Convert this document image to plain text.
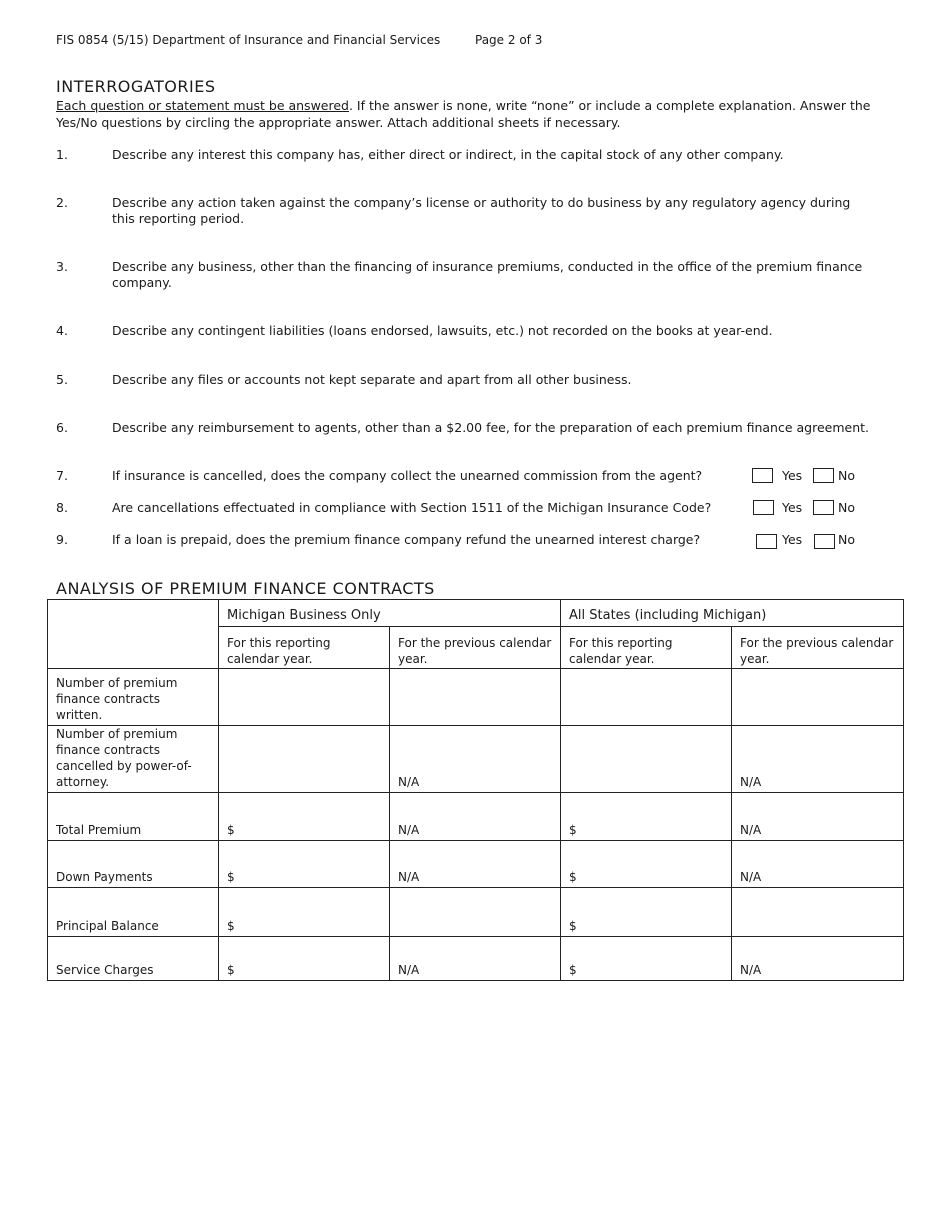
FIS 0854 (5/15) Department of Insurance and Financial Services	Page 2 of 3
INTERROGATORIES
Each question or statement must be answered. If the answer is none, write “none” or include a complete explanation. Answer the Yes/No questions by circling the appropriate answer. Attach additional sheets if necessary.
1.	Describe any interest this company has, either direct or indirect, in the capital stock of any other company.
2.	Describe any action taken against the company’s license or authority to do business by any regulatory agency during this reporting period.
3.	Describe any business, other than the financing of insurance premiums, conducted in the office of the premium finance company.
4.	Describe any contingent liabilities (loans endorsed, lawsuits, etc.) not recorded on the books at year-end.
5.	Describe any files or accounts not kept separate and apart from all other business.
6.	Describe any reimbursement to agents, other than a $2.00 fee, for the preparation of each premium finance agreement.
7.	If insurance is cancelled, does the company collect the unearned commission from the agent?	Yes	No
8.	Are cancellations effectuated in compliance with Section 1511 of the Michigan Insurance Code?	Yes	No
9.	If a loan is prepaid, does the premium finance company refund the unearned interest charge?	Yes	No
ANALYSIS OF PREMIUM FINANCE CONTRACTS
	Michigan Business Only		All States (including Michigan)	
	For this reporting calendar year.	For the previous calendar year.	For this reporting calendar year.	For the previous calendar year.
Number of premium finance contracts written.				
Number of premium finance contracts cancelled by power-of-attorney.		N/A		N/A
Total Premium	$	N/A	$	N/A
Down Payments	$	N/A	$	N/A
Principal Balance	$		$	
Service Charges	$	N/A	$	N/A
